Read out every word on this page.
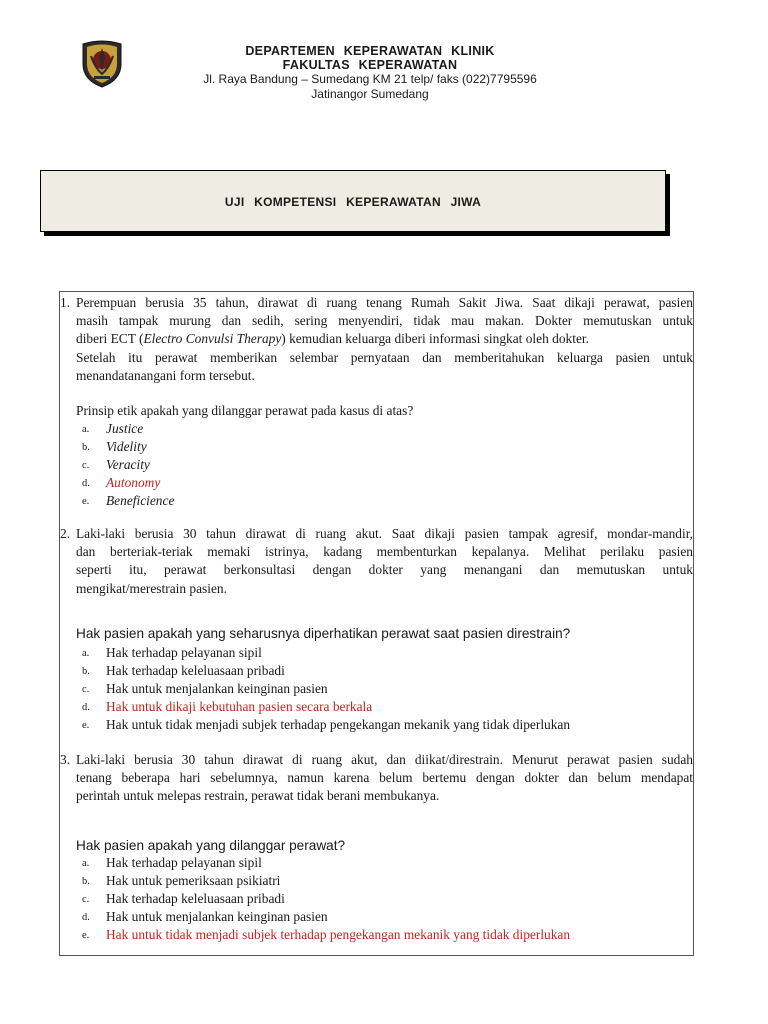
DEPARTEMEN KEPERAWATAN KLINIK
FAKULTAS KEPERAWATAN
Jl. Raya Bandung – Sumedang KM 21 telp/ faks (022)7795596
Jatinangor Sumedang
UJI KOMPETENSI KEPERAWATAN JIWA
1. Perempuan berusia 35 tahun, dirawat di ruang tenang Rumah Sakit Jiwa. Saat dikaji perawat, pasien
masih tampak murung dan sedih, sering menyendiri, tidak mau makan. Dokter memutuskan untuk
diberi ECT (Electro Convulsi Therapy) kemudian keluarga diberi informasi singkat oleh dokter.
Setelah itu perawat memberikan selembar pernyataan dan memberitahukan keluarga pasien untuk
menandatanangani form tersebut.
Prinsip etik apakah yang dilanggar perawat pada kasus di atas?
a. Justice
b. Videlity
c. Veracity
d. Autonomy
e. Beneficience
2. Laki-laki berusia 30 tahun dirawat di ruang akut. Saat dikaji pasien tampak agresif, mondar-mandir,
dan berteriak-teriak memaki istrinya, kadang membenturkan kepalanya. Melihat perilaku pasien
seperti itu, perawat berkonsultasi dengan dokter yang menangani dan memutuskan untuk
mengikat/merestrain pasien.
Hak pasien apakah yang seharusnya diperhatikan perawat saat pasien direstrain?
a. Hak terhadap pelayanan sipil
b. Hak terhadap keleluasaan pribadi
c. Hak untuk menjalankan keinginan pasien
d. Hak untuk dikaji kebutuhan pasien secara berkala
e. Hak untuk tidak menjadi subjek terhadap pengekangan mekanik yang tidak diperlukan
3. Laki-laki berusia 30 tahun dirawat di ruang akut, dan diikat/direstrain. Menurut perawat pasien sudah
tenang beberapa hari sebelumnya, namun karena belum bertemu dengan dokter dan belum mendapat
perintah untuk melepas restrain, perawat tidak berani membukanya.
Hak pasien apakah yang dilanggar perawat?
a. Hak terhadap pelayanan sipil
b. Hak untuk pemeriksaan psikiatri
c. Hak terhadap keleluasaan pribadi
d. Hak untuk menjalankan keinginan pasien
e. Hak untuk tidak menjadi subjek terhadap pengekangan mekanik yang tidak diperlukan
